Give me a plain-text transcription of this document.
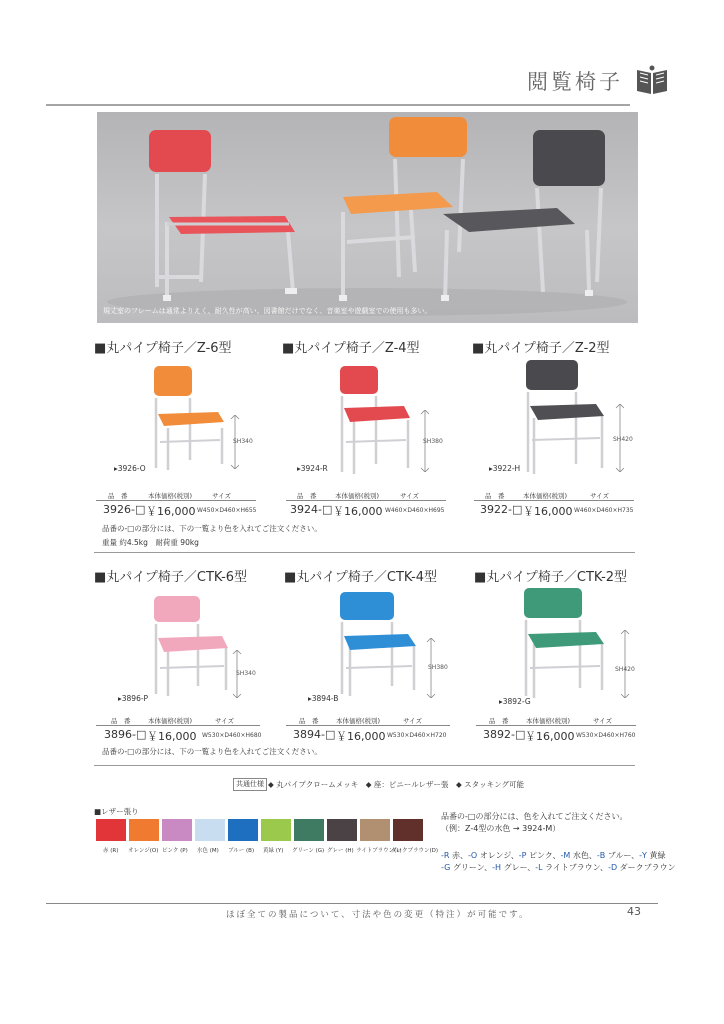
閲覧椅子
規丈室のフレームは通常よりえく、耐久性が高い。図書館だけでなく、音楽室や遊戯室での使用も多い。
■丸パイプ椅子／Z-6型	■丸パイプ椅子／Z-4型	■丸パイプ椅子／Z-2型
SH340
▸3926-O
SH380
▸3924-R
SH420
▸3922-H
品　番	本体価格(税別)	サイズ	品　番	本体価格(税別)	サイズ	品　番	本体価格(税別)	サイズ
3926-□ ￥16,000 W450×D460×H655	3924-□ ￥16,000 W460×D460×H695	3922-□ ￥16,000 W460×D460×H735
品番の-□の部分には、下の一覧より色を入れてご注文ください。
重量 約4.5kg　耐荷重 90kg
■丸パイプ椅子／CTK-6型	■丸パイプ椅子／CTK-4型	■丸パイプ椅子／CTK-2型
SH340
▸3896-P
SH380
▸3894-B
SH420
▸3892-G
品　番	本体価格(税別)	サイズ	品　番	本体価格(税別)	サイズ	品　番	本体価格(税別)	サイズ
3896-□ ￥16,000 W530×D460×H680	3894-□ ￥16,000 W530×D460×H720	3892-□ ￥16,000 W530×D460×H760
品番の-□の部分には、下の一覧より色を入れてご注文ください。
共通仕様 ◆ 丸パイプクロームメッキ　◆ 座：ビニールレザー張　◆ スタッキング可能
■レザー張り
赤 (R) オレンジ(O) ピンク (P) 水色 (M) ブルー (B) 黄緑 (Y) グリーン (G) グレー (H) ライトブラウン(L)
ダークブラウン(D)
品番の-□の部分には、色を入れてご注文ください。
（例：Z-4型の水色 → 3924-M）
-R 赤、-O オレンジ、-P ピンク、-M 水色、-B ブルー、-Y 黄緑
-G グリーン、-H グレー、-L ライトブラウン、-D ダークブラウン
ほぼ全ての製品について、寸法や色の変更（特注）が可能です。	43
